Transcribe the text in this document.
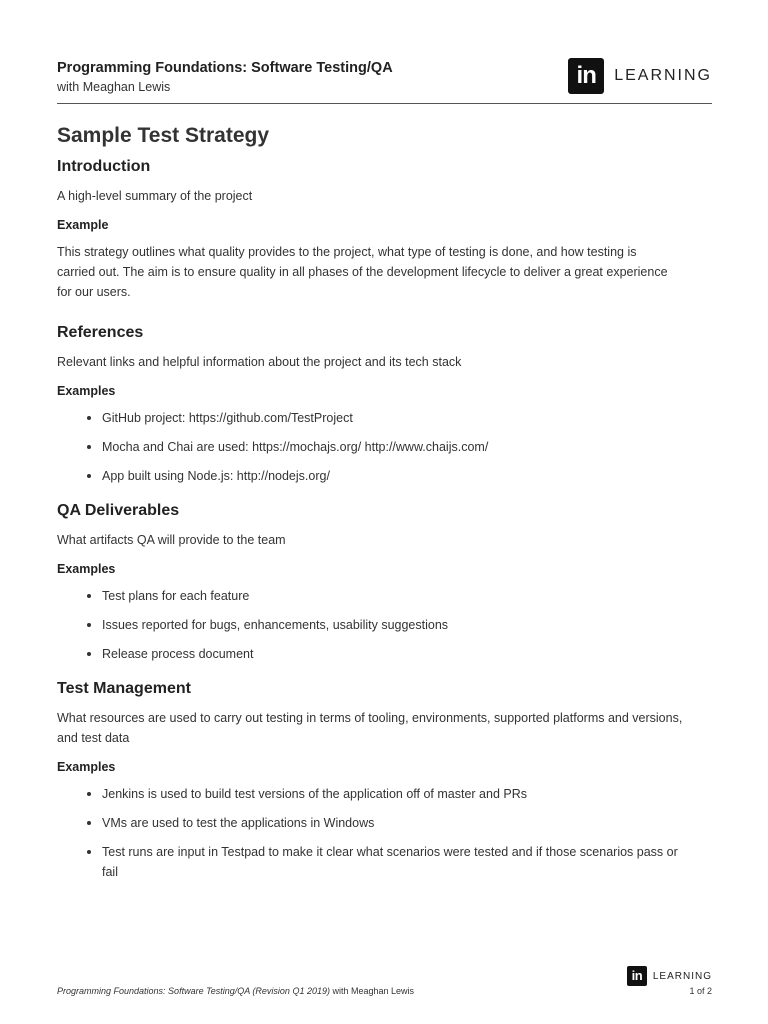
Programming Foundations: Software Testing/QA
with Meaghan Lewis	in	LEARNING
Sample Test Strategy
Introduction

A high-level summary of the project

Example

This strategy outlines what quality provides to the project, what type of testing is done, and how testing is carried out. The aim is to ensure quality in all phases of the development lifecycle to deliver a great experience for our users.

References

Relevant links and helpful information about the project and its tech stack

Examples

GitHub project: https://github.com/TestProject
Mocha and Chai are used: https://mochajs.org/ http://www.chaijs.com/
App built using Node.js: http://nodejs.org/
QA Deliverables

What artifacts QA will provide to the team

Examples

Test plans for each feature
Issues reported for bugs, enhancements, usability suggestions
Release process document
Test Management

What resources are used to carry out testing in terms of tooling, environments, supported platforms and versions, and test data

Examples

Jenkins is used to build test versions of the application off of master and PRs
VMs are used to test the applications in Windows
Test runs are input in Testpad to make it clear what scenarios were tested and if those scenarios pass or fail
Programming Foundations: Software Testing/QA (Revision Q1 2019) with Meaghan Lewis
in	LEARNING
1 of 2
